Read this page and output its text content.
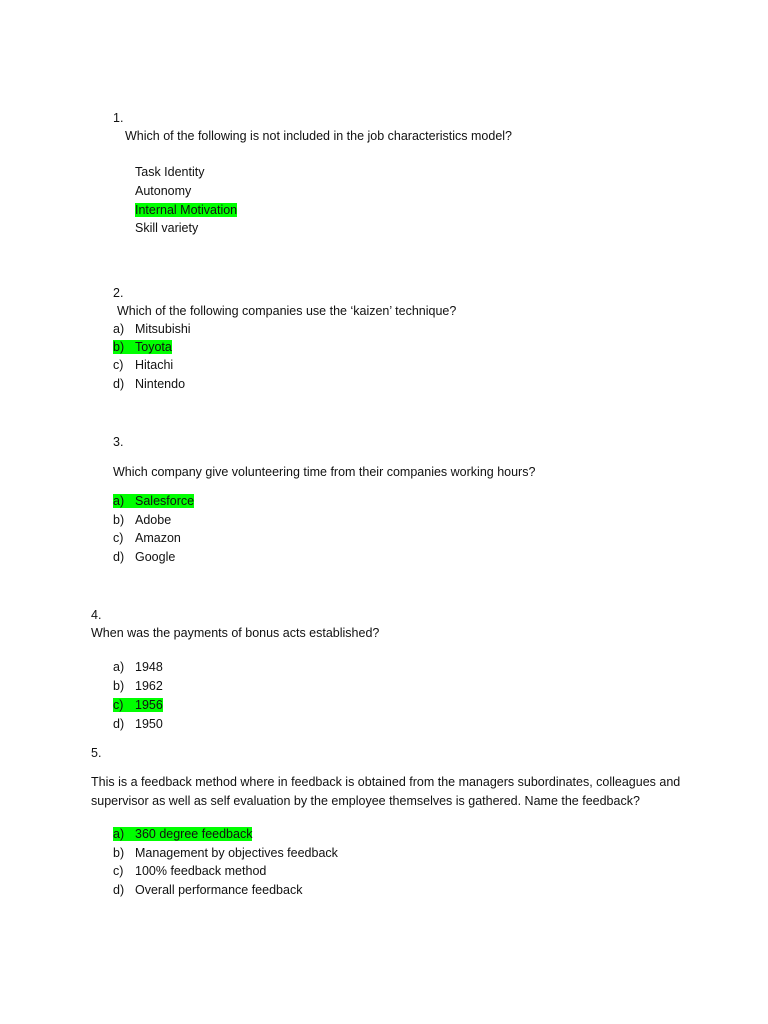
1.
Which of the following is not included in the job characteristics model?
Task Identity
Autonomy
Internal Motivation
Skill variety
2.
Which of the following companies use the ‘kaizen’ technique?
a) Mitsubishi
b) Toyota
c) Hitachi
d) Nintendo
3.
Which company give volunteering time from their companies working hours?
a) Salesforce
b) Adobe
c) Amazon
d) Google
4.
When was the payments of bonus acts established?
a) 1948
b) 1962
c) 1956
d) 1950
5.
This is a feedback method where in feedback is obtained from the managers subordinates, colleagues and
supervisor as well as self evaluation by the employee themselves is gathered. Name the feedback?
a) 360 degree feedback
b) Management by objectives feedback
c) 100% feedback method
d) Overall performance feedback
